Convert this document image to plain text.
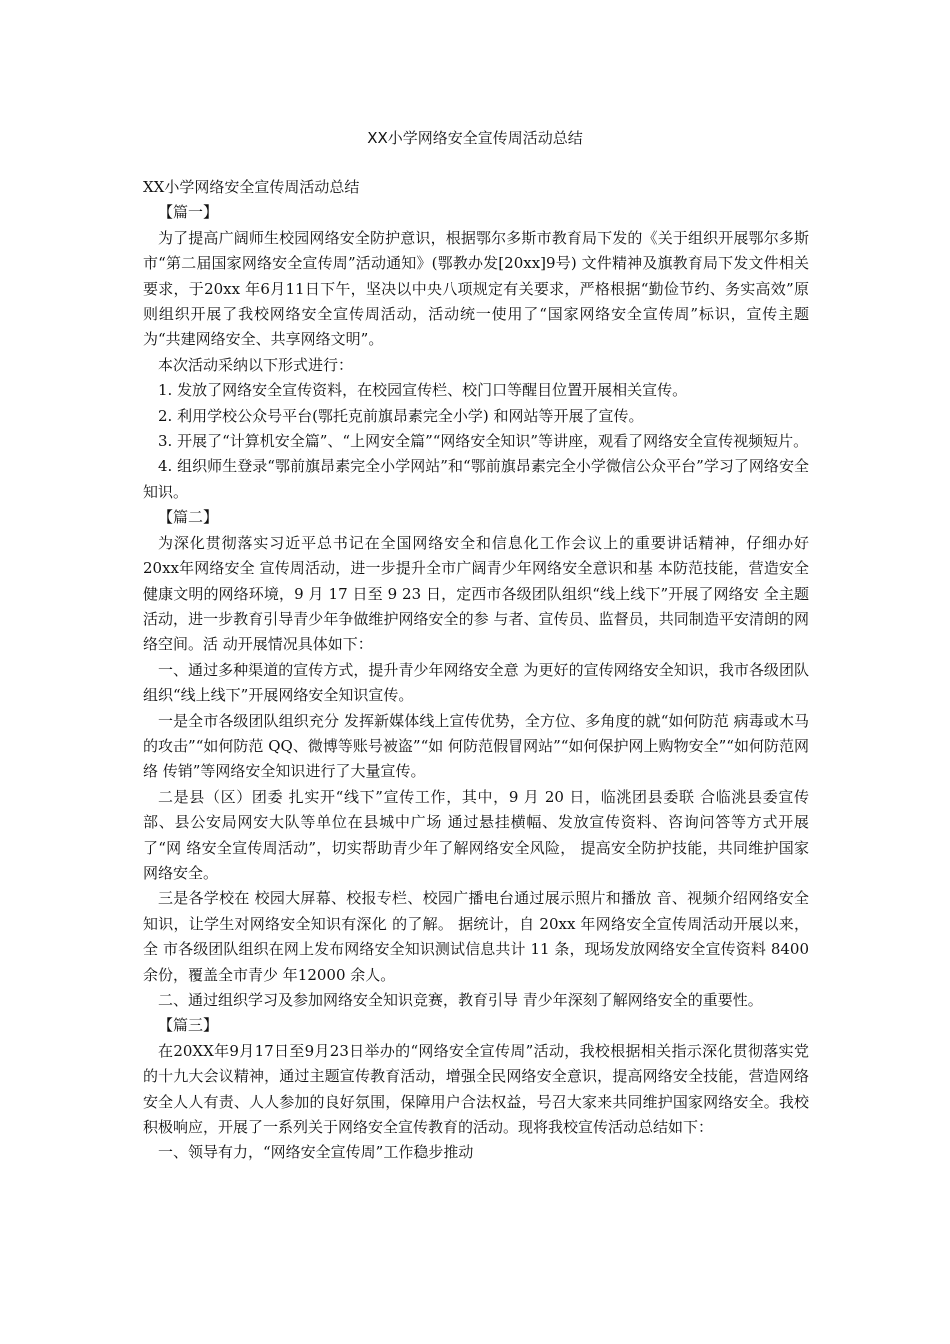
XX小学网络安全宣传周活动总结

XX小学网络安全宣传周活动总结

【篇一】

为了提高广阔师生校园网络安全防护意识，根据鄂尔多斯市教育局下发的《关于组织开展鄂尔多斯市“第二届国家网络安全宣传周”活动通知》(鄂教办发[20xx]9号) 文件精神及旗教育局下发文件相关要求，于20xx 年6月11日下午，坚决以中央八项规定有关要求，严格根据“勤俭节约、务实高效”原则组织开展了我校网络安全宣传周活动，活动统一使用了“国家网络安全宣传周”标识，宣传主题为“共建网络安全、共享网络文明”。

本次活动采纳以下形式进行：

1. 发放了网络安全宣传资料，在校园宣传栏、校门口等醒目位置开展相关宣传。

2. 利用学校公众号平台(鄂托克前旗昂素完全小学) 和网站等开展了宣传。

3. 开展了“计算机安全篇”、“上网安全篇”“网络安全知识”等讲座，观看了网络安全宣传视频短片。

4. 组织师生登录“鄂前旗昂素完全小学网站”和“鄂前旗昂素完全小学微信公众平台”学习了网络安全知识。

【篇二】

为深化贯彻落实习近平总书记在全国网络安全和信息化工作会议上的重要讲话精神，仔细办好 20xx年网络安全 宣传周活动，进一步提升全市广阔青少年网络安全意识和基 本防范技能，营造安全健康文明的网络环境，9 月 17 日至 9 23 日，定西市各级团队组织“线上线下”开展了网络安 全主题活动，进一步教育引导青少年争做维护网络安全的参 与者、宣传员、监督员，共同制造平安清朗的网络空间。活 动开展情况具体如下：

一、通过多种渠道的宣传方式，提升青少年网络安全意 为更好的宣传网络安全知识，我市各级团队组织“线上线下”开展网络安全知识宣传。

一是全市各级团队组织充分 发挥新媒体线上宣传优势，全方位、多角度的就“如何防范 病毒或木马的攻击”“如何防范 QQ、微博等账号被盗”“如 何防范假冒网站”“如何保护网上购物安全”“如何防范网络 传销”等网络安全知识进行了大量宣传。

二是县（区）团委 扎实开“线下”宣传工作，其中，9 月 20 日，临洮团县委联 合临洮县委宣传部、县公安局网安大队等单位在县城中广场 通过悬挂横幅、发放宣传资料、咨询问答等方式开展了“网 络安全宣传周活动”，切实帮助青少年了解网络安全风险， 提高安全防护技能，共同维护国家网络安全。

三是各学校在 校园大屏幕、校报专栏、校园广播电台通过展示照片和播放 音、视频介绍网络安全知识，让学生对网络安全知识有深化 的了解。 据统计，自 20xx 年网络安全宣传周活动开展以来，全 市各级团队组织在网上发布网络安全知识测试信息共计 11 条，现场发放网络安全宣传资料 8400 余份，覆盖全市青少 年12000 余人。

二、通过组织学习及参加网络安全知识竞赛，教育引导 青少年深刻了解网络安全的重要性。

【篇三】

在20XX年9月17日至9月23日举办的“网络安全宣传周”活动，我校根据相关指示深化贯彻落实党的十九大会议精神，通过主题宣传教育活动，增强全民网络安全意识，提高网络安全技能，营造网络安全人人有责、人人参加的良好氛围，保障用户合法权益，号召大家来共同维护国家网络安全。我校积极响应，开展了一系列关于网络安全宣传教育的活动。现将我校宣传活动总结如下：

一、领导有力，“网络安全宣传周”工作稳步推动
